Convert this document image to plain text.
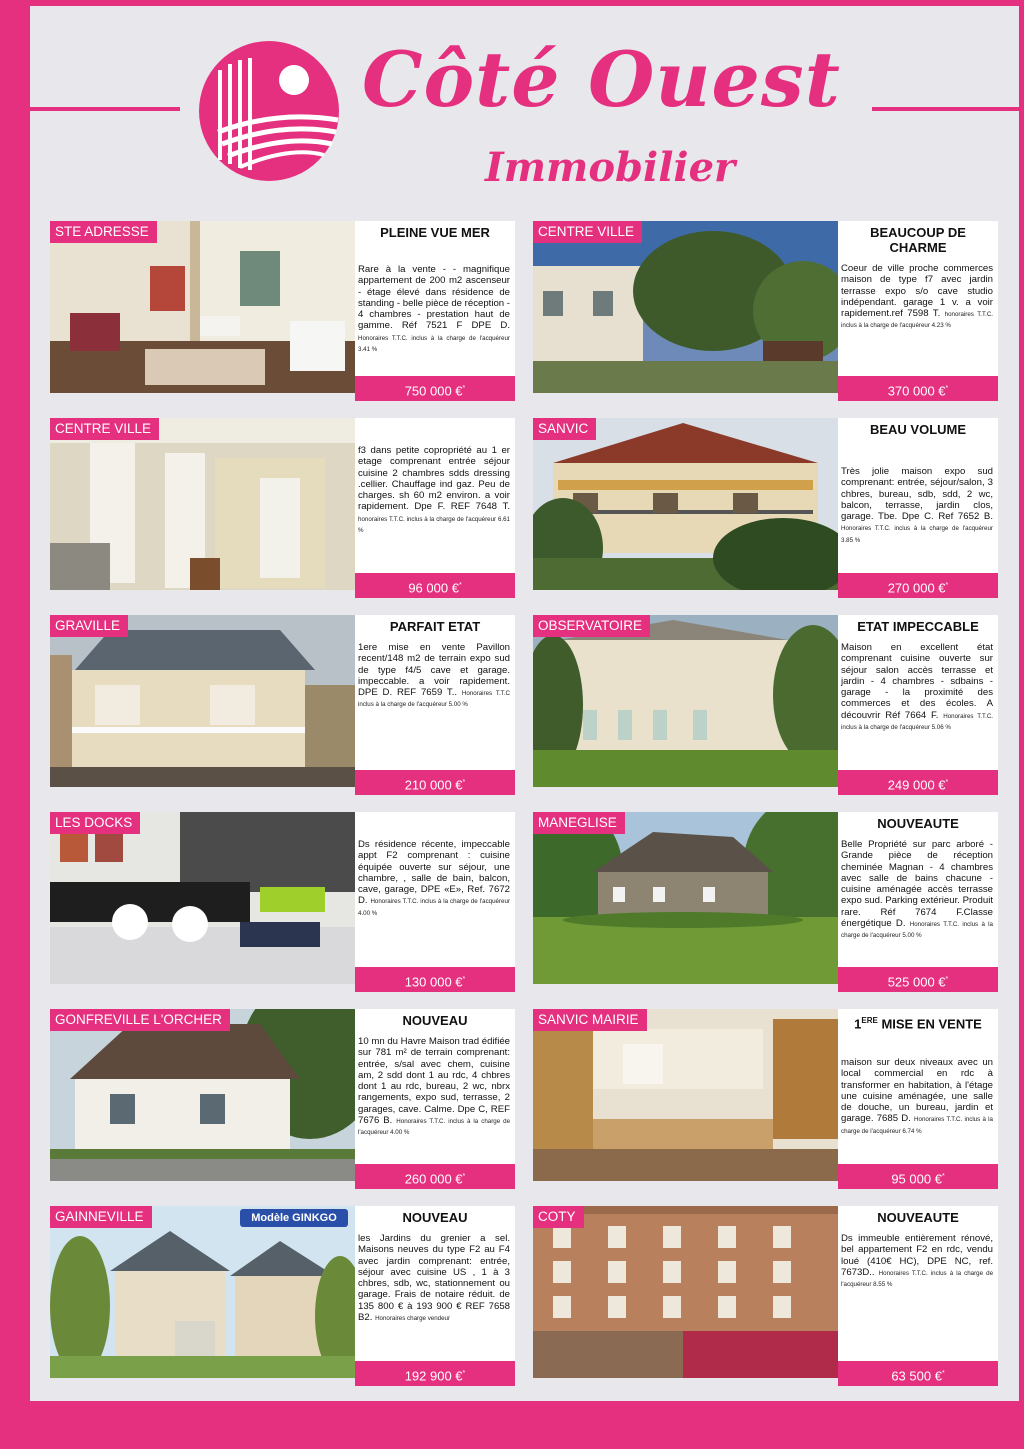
Côté Ouest
Immobilier
STE ADRESSE	PLEINE VUE MER
Rare à la vente - - magnifique appartement de 200 m2 ascenseur - étage élevé dans résidence de standing - belle pièce de réception - 4 chambres - prestation haut de gamme. Réf 7521 F DPE D. Honoraires T.T.C. inclus à la charge de l'acquéreur 3.41 %
750 000 €*
CENTRE VILLE	BEAUCOUP DE CHARME
Coeur de ville proche commerces maison de type f7 avec jardin terrasse expo s/o cave studio indépendant. garage 1 v. a voir rapidement.ref 7598 T. honoraires T.T.C. inclus à la charge de l'acquéreur 4.23 %
370 000 €*
CENTRE VILLE
f3 dans petite copropriété au 1 er etage comprenant entrée séjour cuisine 2 chambres sdds dressing .cellier. Chauffage ind gaz. Peu de charges. sh 60 m2 environ. a voir rapidement. Dpe F. REF 7648 T. honoraires T.T.C. inclus à la charge de l'acquéreur 6.61 %
96 000 €*
SANVIC	BEAU VOLUME
Très jolie maison expo sud comprenant: entrée, séjour/salon, 3 chbres, bureau, sdb, sdd, 2 wc, balcon, terrasse, jardin clos, garage. Tbe. Dpe C. Ref 7652 B. Honoraires T.T.C. inclus à la charge de l'acquéreur 3.85 %
270 000 €*
GRAVILLE	PARFAIT ETAT
1ere mise en vente Pavillon recent/148 m2 de terrain expo sud de type f4/5 cave et garage. impeccable. a voir rapidement. DPE D. REF 7659 T.. Honoraires T.T.C inclus à la charge de l'acquéreur 5.00 %
210 000 €*
OBSERVATOIRE	ETAT IMPECCABLE
Maison en excellent état comprenant cuisine ouverte sur séjour salon accès terrasse et jardin - 4 chambres - sdbains - garage - la proximité des commerces et des écoles. A découvrir Réf 7664 F. Honoraires T.T.C. inclus à la charge de l'acquéreur 5.06 %
249 000 €*
LES DOCKS
Ds résidence récente, impeccable appt F2 comprenant : cuisine équipée ouverte sur séjour, une chambre, , salle de bain, balcon, cave, garage, DPE «E», Ref. 7672 D. Honoraires T.T.C. inclus à la charge de l'acquéreur 4.00 %
130 000 €*
MANEGLISE	NOUVEAUTE
Belle Propriété sur parc arboré - Grande pièce de réception cheminée Magnan - 4 chambres avec salle de bains chacune - cuisine aménagée accès terrasse expo sud. Parking extérieur. Produit rare. Réf 7674 F.Classe énergétique D. Honoraires T.T.C. inclus à la charge de l'acquéreur 5.00 %
525 000 €*
GONFREVILLE L'ORCHER	NOUVEAU
10 mn du Havre Maison trad édifiée sur 781 m² de terrain comprenant: entrée, s/sal avec chem, cuisine am, 2 sdd dont 1 au rdc, 4 chbres dont 1 au rdc, bureau, 2 wc, nbrx rangements, expo sud, terrasse, 2 garages, cave. Calme. Dpe C, REF 7676 B. Honoraires T.T.C. inclus à la charge de l'acquéreur 4.00 %
260 000 €*
SANVIC MAIRIE	1ERE MISE EN VENTE
maison sur deux niveaux avec un local commercial en rdc à transformer en habitation, à l'étage une cuisine aménagée, une salle de douche, un bureau, jardin et garage. 7685 D. Honoraires T.T.C. inclus à la charge de l'acquéreur 6.74 %
95 000 €*
GAINNEVILLE	Modèle GINKGO	NOUVEAU
les Jardins du grenier a sel. Maisons neuves du type F2 au F4 avec jardin comprenant: entrée, séjour avec cuisine US , 1 à 3 chbres, sdb, wc, stationnement ou garage. Frais de notaire réduit. de 135 800 € à 193 900 € REF 7658 B2. Honoraires charge vendeur
192 900 €*
COTY	NOUVEAUTE
Ds immeuble entièrement rénové, bel appartement F2 en rdc, vendu loué (410€ HC), DPE NC, ref. 7673D.. Honoraires T.T.C. inclus à la charge de l'acquéreur 8.55 %
63 500 €*
